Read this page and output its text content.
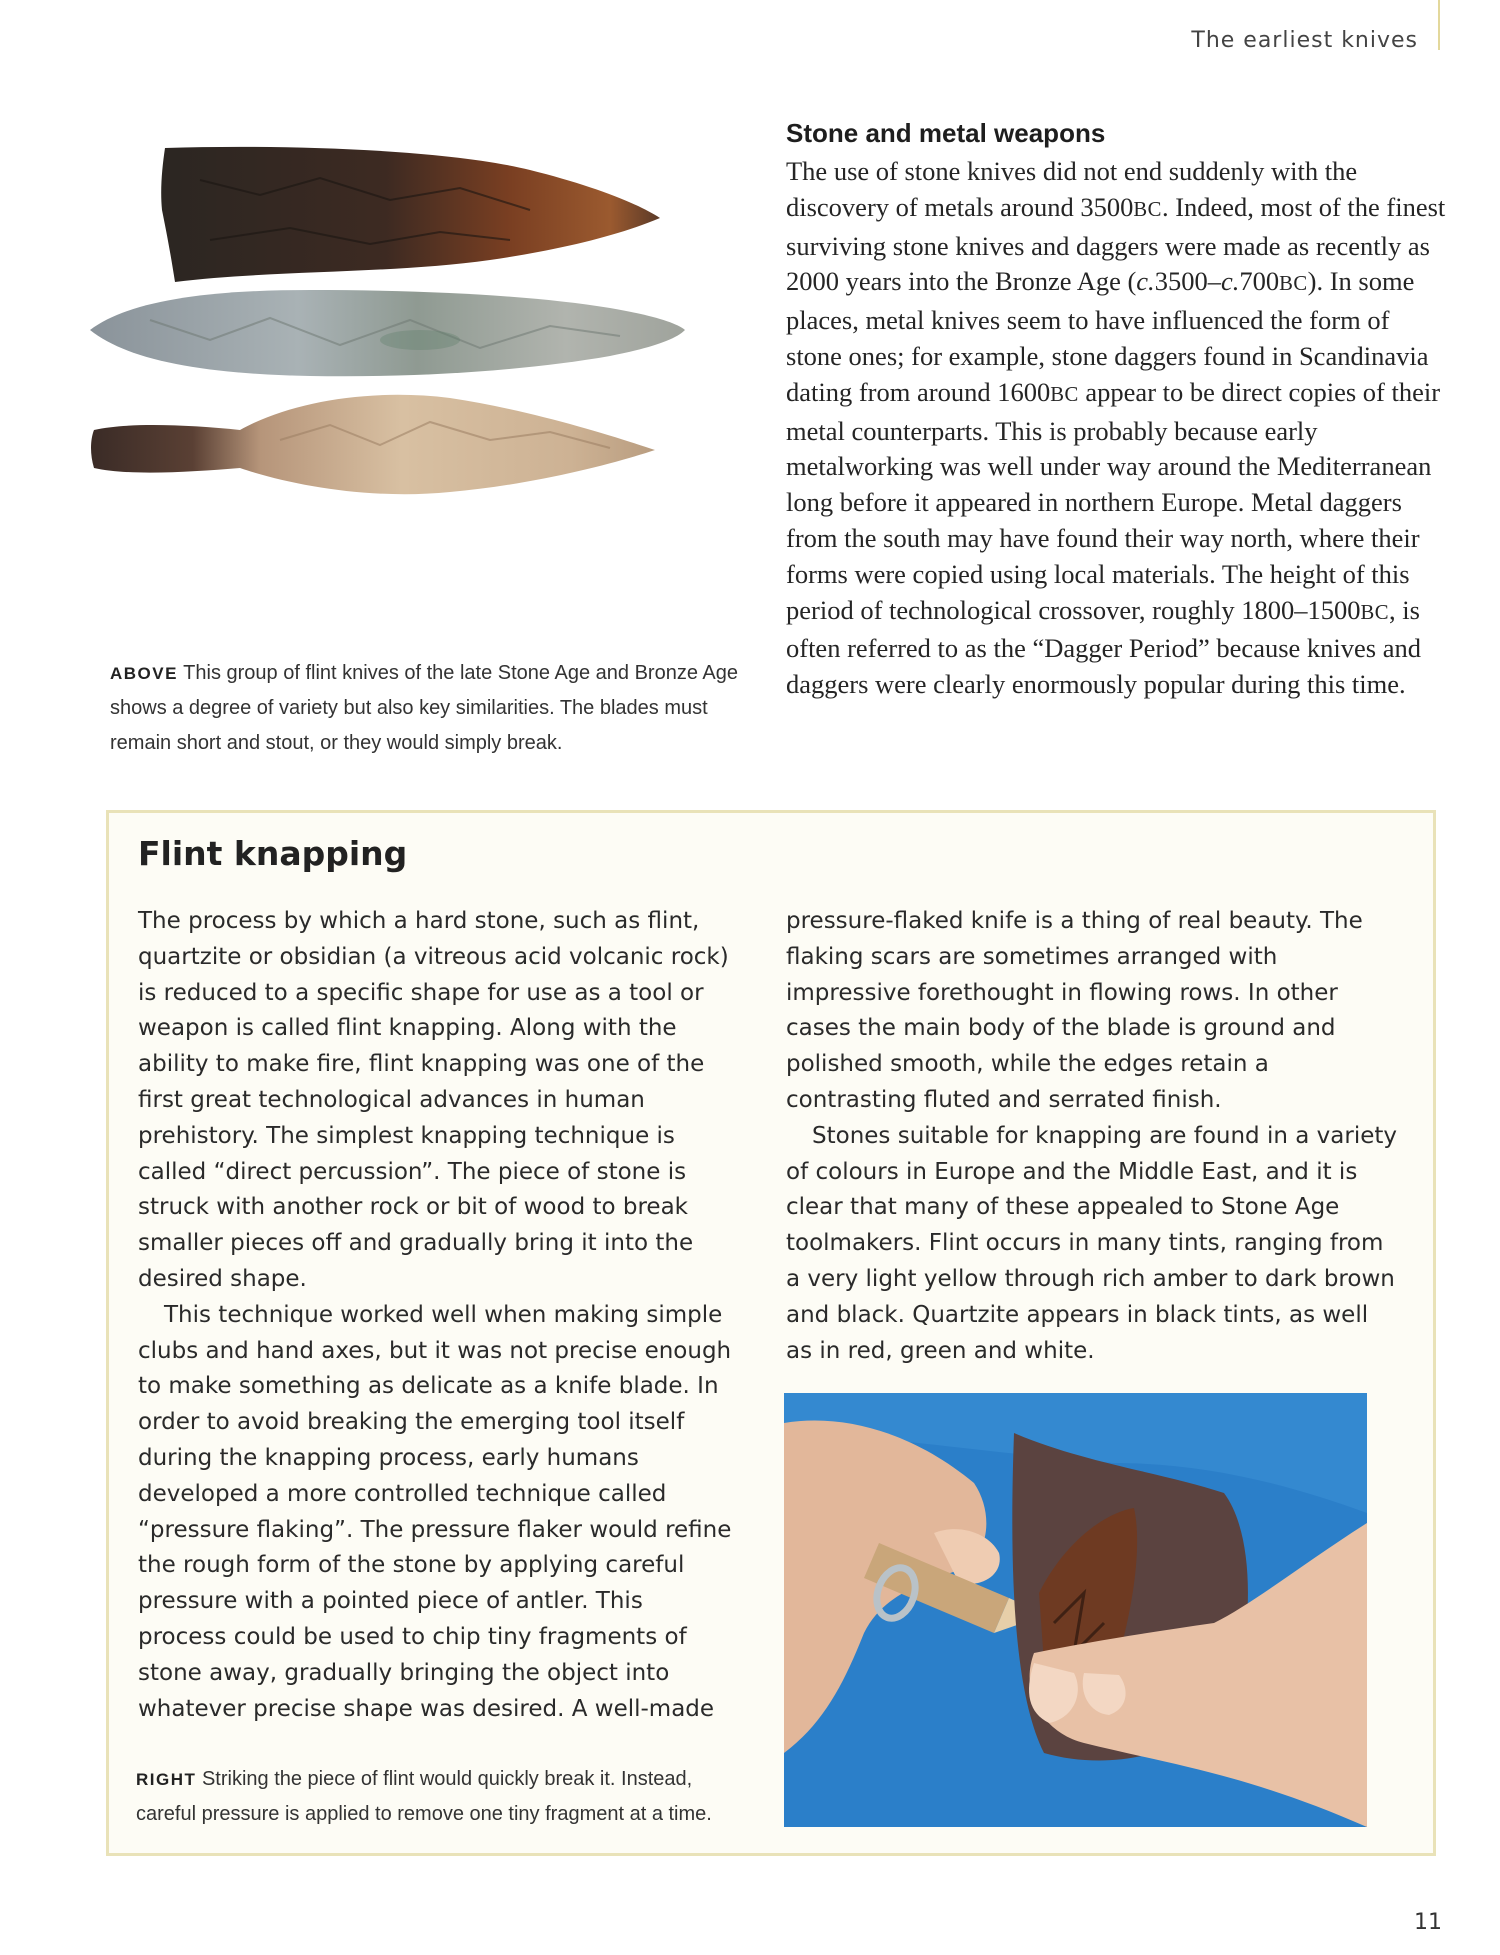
The earliest knives
ABOVE This group of flint knives of the late Stone Age and Bronze Age shows a degree of variety but also key similarities. The blades must remain short and stout, or they would simply break.
Stone and metal weapons
The use of stone knives did not end suddenly with the discovery of metals around 3500BC. Indeed, most of the finest surviving stone knives and daggers were made as recently as 2000 years into the Bronze Age (c.3500–c.700BC). In some places, metal knives seem to have influenced the form of stone ones; for example, stone daggers found in Scandinavia dating from around 1600BC appear to be direct copies of their metal counterparts. This is probably because early metalworking was well under way around the Mediterranean long before it appeared in northern Europe. Metal daggers from the south may have found their way north, where their forms were copied using local materials. The height of this period of technological crossover, roughly 1800–1500BC, is often referred to as the “Dagger Period” because knives and daggers were clearly enormously popular during this time.
Flint knapping

The process by which a hard stone, such as flint, quartzite or obsidian (a vitreous acid volcanic rock) is reduced to a specific shape for use as a tool or weapon is called flint knapping. Along with the ability to make fire, flint knapping was one of the first great technological advances in human prehistory. The simplest knapping technique is called “direct percussion”. The piece of stone is struck with another rock or bit of wood to break smaller pieces off and gradually bring it into the desired shape.

This technique worked well when making simple clubs and hand axes, but it was not precise enough to make something as delicate as a knife blade. In order to avoid breaking the emerging tool itself during the knapping process, early humans developed a more controlled technique called “pressure flaking”. The pressure flaker would refine the rough form of the stone by applying careful pressure with a pointed piece of antler. This process could be used to chip tiny fragments of stone away, gradually bringing the object into whatever precise shape was desired. A well-made

pressure-flaked knife is a thing of real beauty. The flaking scars are sometimes arranged with impressive forethought in flowing rows. In other cases the main body of the blade is ground and polished smooth, while the edges retain a contrasting fluted and serrated finish.

Stones suitable for knapping are found in a variety of colours in Europe and the Middle East, and it is clear that many of these appealed to Stone Age toolmakers. Flint occurs in many tints, ranging from a very light yellow through rich amber to dark brown and black. Quartzite appears in black tints, as well as in red, green and white.

RIGHT Striking the piece of flint would quickly break it. Instead, careful pressure is applied to remove one tiny fragment at a time.
11
